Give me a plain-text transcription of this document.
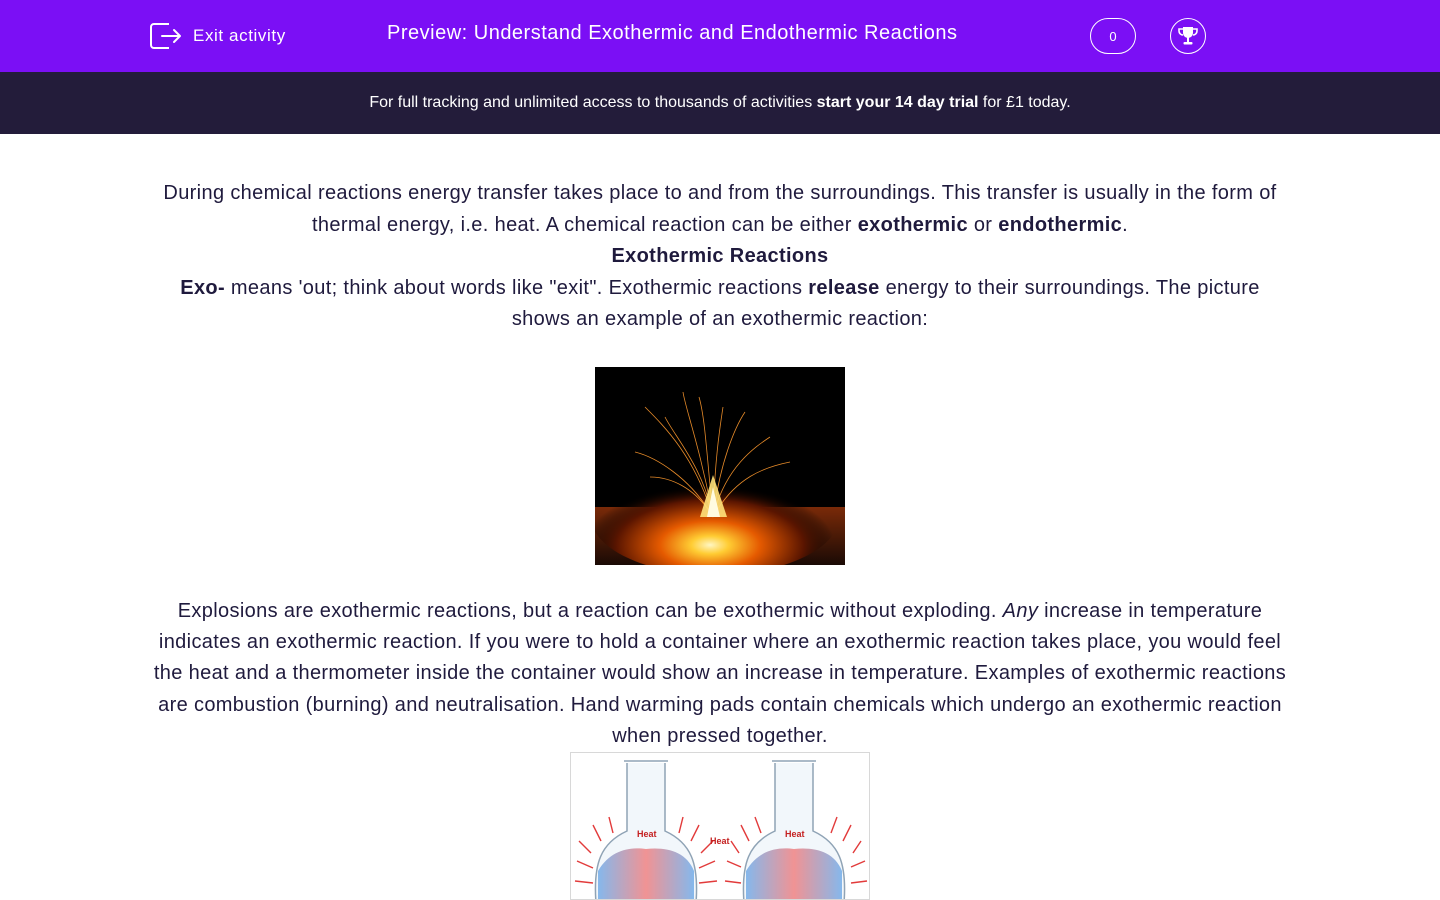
Exit activity	Preview: Understand Exothermic and Endothermic Reactions	0
For full tracking and unlimited access to thousands of activities start your 14 day trial for £1 today.

During chemical reactions energy transfer takes place to and from the surroundings. This transfer is usually in the form of thermal energy, i.e. heat. A chemical reaction can be either exothermic or endothermic.

Exothermic Reactions

Exo- means 'out; think about words like "exit". Exothermic reactions release energy to their surroundings. The picture shows an example of an exothermic reaction:

Explosions are exothermic reactions, but a reaction can be exothermic without exploding. Any increase in temperature indicates an exothermic reaction. If you were to hold a container where an exothermic reaction takes place, you would feel the heat and a thermometer inside the container would show an increase in temperature. Examples of exothermic reactions are combustion (burning) and neutralisation. Hand warming pads contain chemicals which undergo an exothermic reaction when pressed together.
Heat
Heat
Heat
